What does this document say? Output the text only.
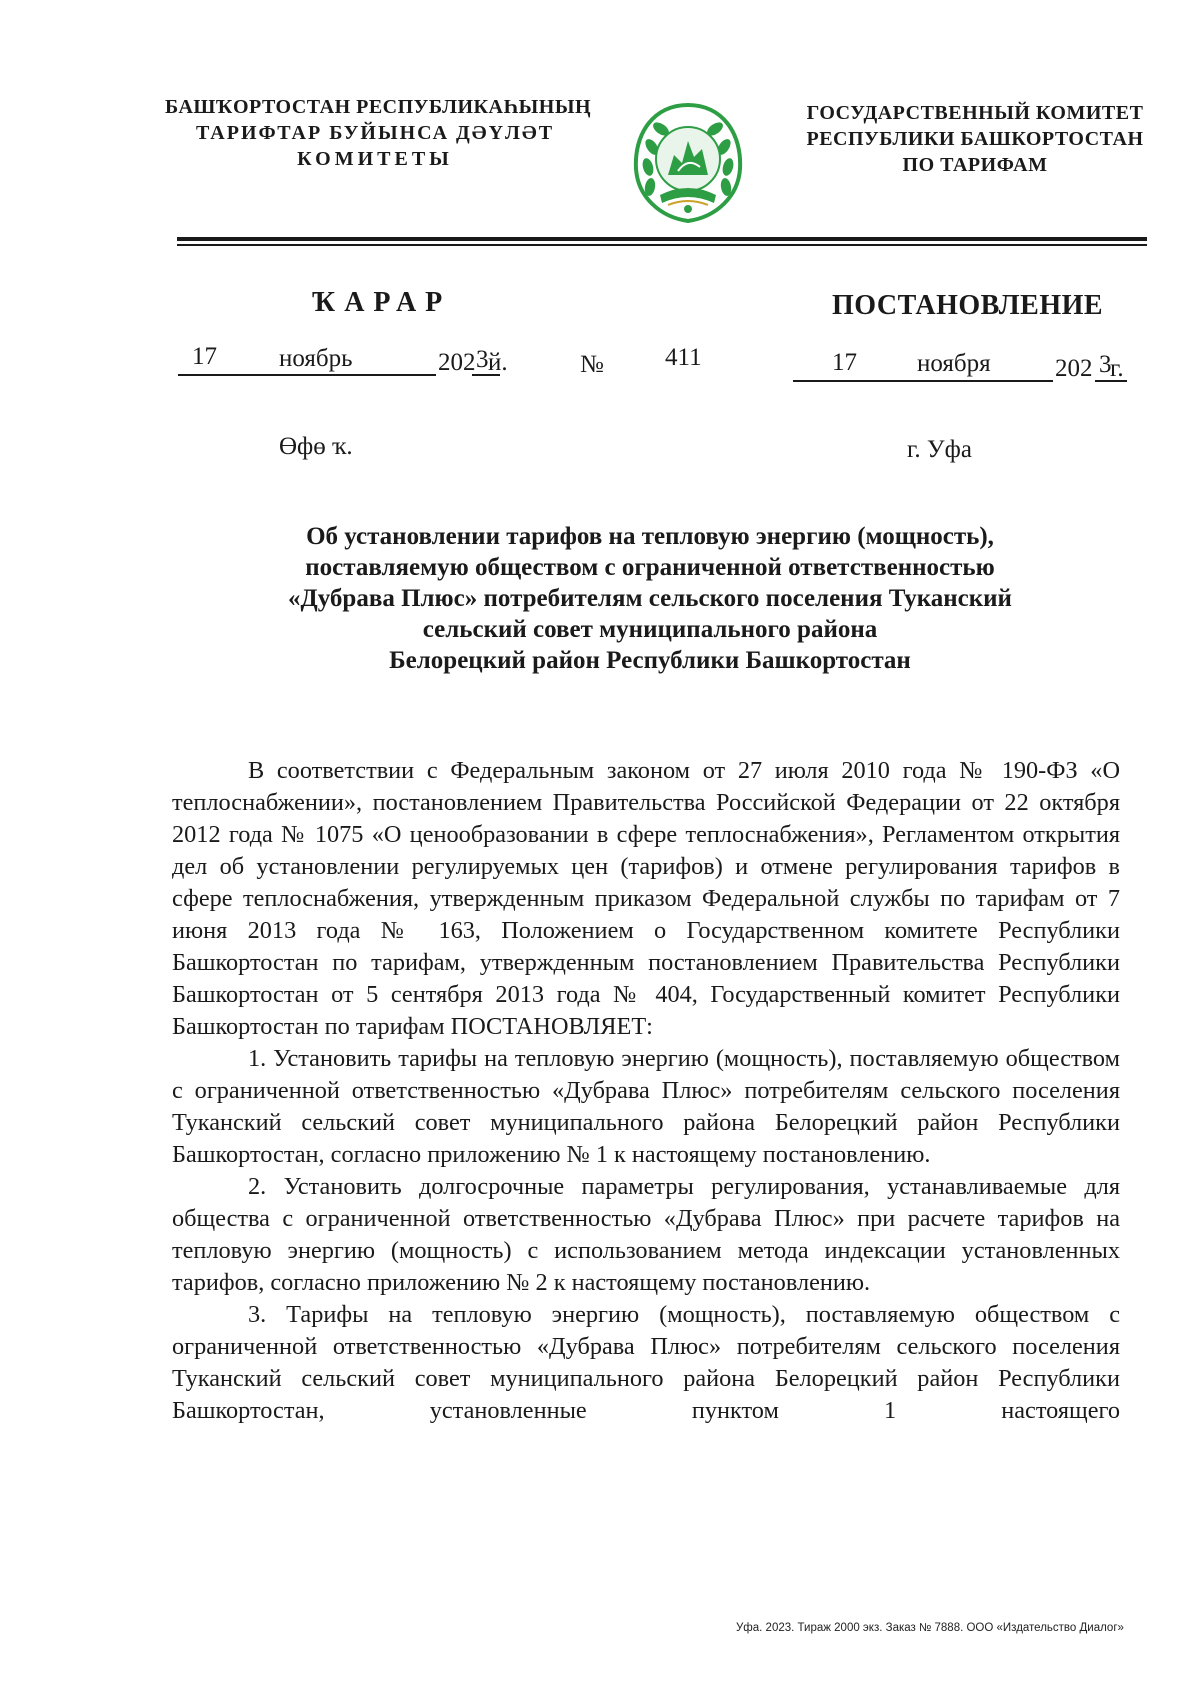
БАШҠОРТОСТАН РЕСПУБЛИКАҺЫНЫҢ
ТАРИФТАР БУЙЫНСА ДӘҮЛӘТ
КОМИТЕТЫ
ГОСУДАРСТВЕННЫЙ КОМИТЕТ
РЕСПУБЛИКИ БАШКОРТОСТАН
ПО ТАРИФАМ
ҠАРАР	ПОСТАНОВЛЕНИЕ
17 ноябрь	202 3 й.	№ 411	17 ноября	202 3
г.
Өфө ҡ.	г. Уфа
Об установлении тарифов на тепловую энергию (мощность),
поставляемую обществом с ограниченной ответственностью
«Дубрава Плюс» потребителям сельского поселения Туканский
сельский совет муниципального района
Белорецкий район Республики Башкортостан

В соответствии с Федеральным законом от 27 июля 2010 года № 190-ФЗ «О теплоснабжении», постановлением Правительства Российской Федерации от 22 октября 2012 года № 1075 «О ценообразовании в сфере теплоснабжения», Регламентом открытия дел об установлении регулируемых цен (тарифов) и отмене регулирования тарифов в сфере теплоснабжения, утвержденным приказом Федеральной службы по тарифам от 7 июня 2013 года № 163, Положением о Государственном комитете Республики Башкортостан по тарифам, утвержденным постановлением Правительства Республики Башкортостан от 5 сентября 2013 года № 404, Государственный комитет Республики Башкортостан по тарифам ПОСТАНОВЛЯЕТ:

1. Установить тарифы на тепловую энергию (мощность), поставляемую обществом с ограниченной ответственностью «Дубрава Плюс» потребителям сельского поселения Туканский сельский совет муниципального района Белорецкий район Республики Башкортостан, согласно приложению № 1 к настоящему постановлению.

2. Установить долгосрочные параметры регулирования, устанавливаемые для общества с ограниченной ответственностью «Дубрава Плюс» при расчете тарифов на тепловую энергию (мощность) с использованием метода индексации установленных тарифов, согласно приложению № 2 к настоящему постановлению.

3. Тарифы на тепловую энергию (мощность), поставляемую обществом с ограниченной ответственностью «Дубрава Плюс» потребителям сельского поселения Туканский сельский совет муниципального района Белорецкий район Республики Башкортостан, установленные пунктом 1 настоящего

Уфа. 2023. Тираж 2000 экз. Заказ № 7888. ООО «Издательство Диалог»
